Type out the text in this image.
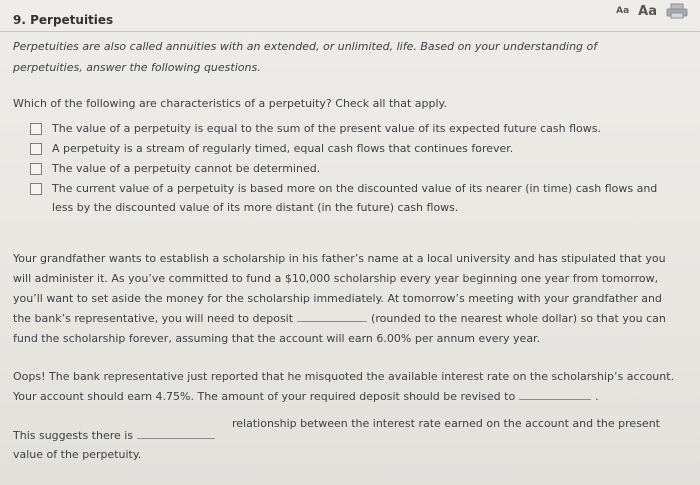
9. Perpetuities
Aa Aa
Perpetuities are also called annuities with an extended, or unlimited, life. Based on your understanding of perpetuities, answer the following questions.
Which of the following are characteristics of a perpetuity? Check all that apply.
The value of a perpetuity is equal to the sum of the present value of its expected future cash flows.
A perpetuity is a stream of regularly timed, equal cash flows that continues forever.
The value of a perpetuity cannot be determined.
The current value of a perpetuity is based more on the discounted value of its nearer (in time) cash flows and less by the discounted value of its more distant (in the future) cash flows.
Your grandfather wants to establish a scholarship in his father’s name at a local university and has stipulated that you will administer it. As you’ve committed to fund a $10,000 scholarship every year beginning one year from tomorrow, you’ll want to set aside the money for the scholarship immediately. At tomorrow’s meeting with your grandfather and the bank’s representative, you will need to deposit	(rounded to the nearest whole dollar) so that you can fund the scholarship forever, assuming that the account will earn 6.00% per annum every year.
Oops! The bank representative just reported that he misquoted the available interest rate on the scholarship’s account. Your account should earn 4.75%. The amount of your required deposit should be revised to	.
This suggests there is
value of the perpetuity.
relationship between the interest rate earned on the account and the present
